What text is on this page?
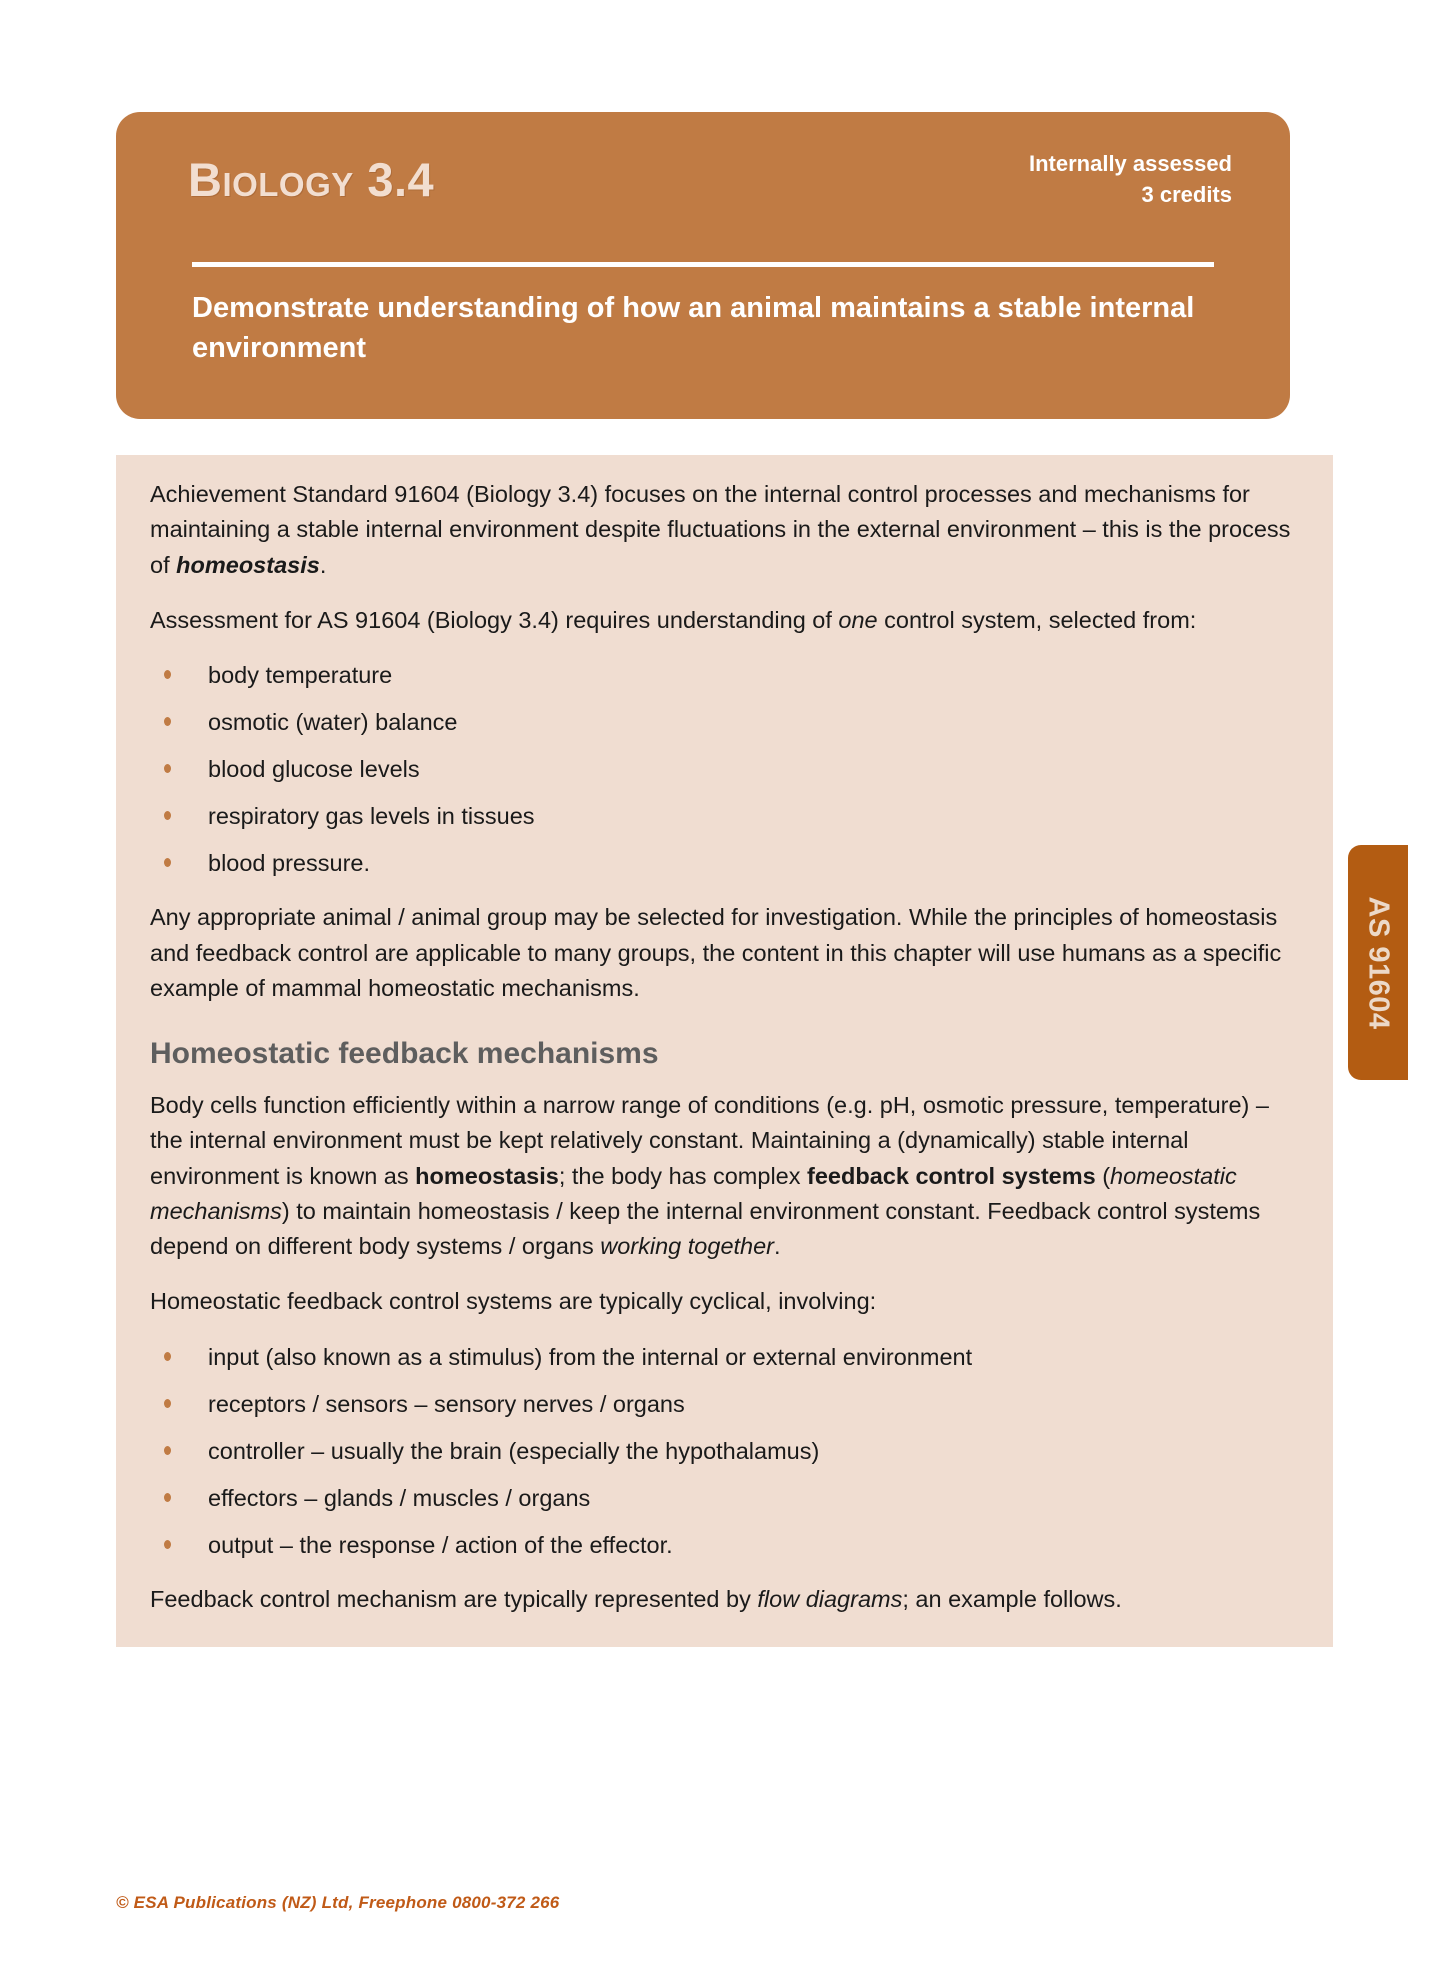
Biology 3.4	Internally assessed
3 credits
Demonstrate understanding of how an animal maintains a stable internal environment
AS 91604

Achievement Standard 91604 (Biology 3.4) focuses on the internal control processes and mechanisms for maintaining a stable internal environment despite fluctuations in the external environment – this is the process of homeostasis.

Assessment for AS 91604 (Biology 3.4) requires understanding of one control system, selected from:

body temperature
osmotic (water) balance
blood glucose levels
respiratory gas levels in tissues
blood pressure.

Any appropriate animal / animal group may be selected for investigation. While the principles of homeostasis and feedback control are applicable to many groups, the content in this chapter will use humans as a specific example of mammal homeostatic mechanisms.

Homeostatic feedback mechanisms

Body cells function efficiently within a narrow range of conditions (e.g. pH, osmotic pressure, temperature) – the internal environment must be kept relatively constant. Maintaining a (dynamically) stable internal environment is known as homeostasis; the body has complex feedback control systems (homeostatic mechanisms) to maintain homeostasis / keep the internal environment constant. Feedback control systems depend on different body systems / organs working together.

Homeostatic feedback control systems are typically cyclical, involving:

input (also known as a stimulus) from the internal or external environment
receptors / sensors – sensory nerves / organs
controller – usually the brain (especially the hypothalamus)
effectors – glands / muscles / organs
output – the response / action of the effector.

Feedback control mechanism are typically represented by flow diagrams; an example follows.

© ESA Publications (NZ) Ltd, Freephone 0800-372 266
